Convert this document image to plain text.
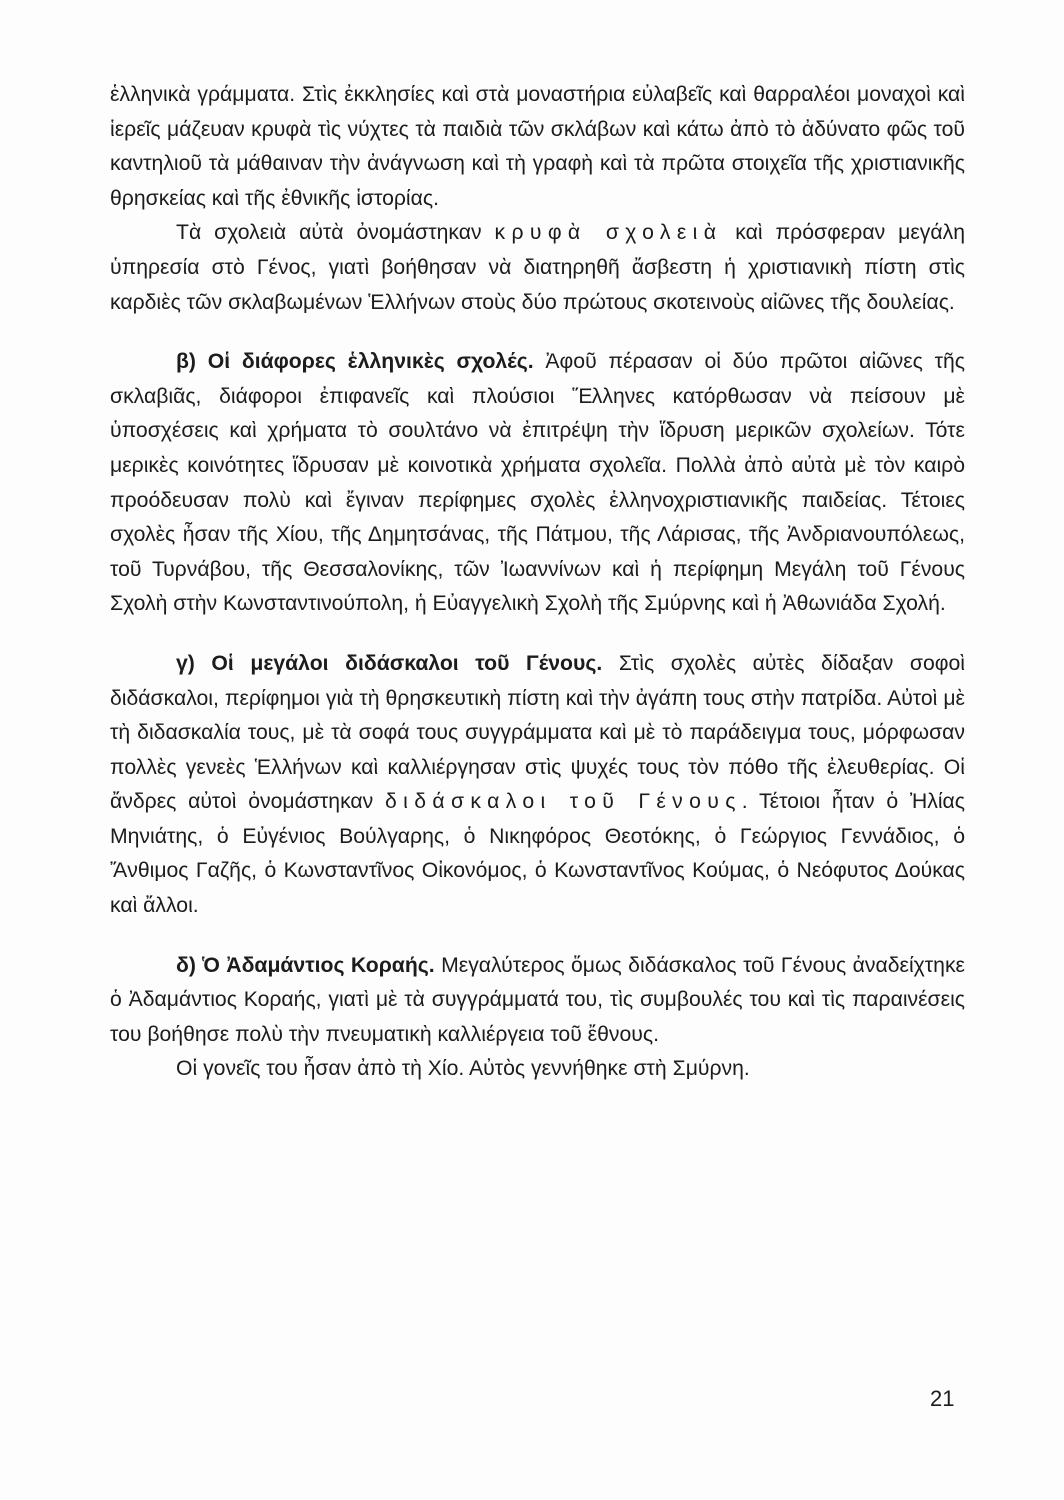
ἑλληνικὰ γράμματα. Στὶς ἐκκλησίες καὶ στὰ μοναστήρια εὐλαβεῖς καὶ θαρραλέοι μοναχοὶ καὶ ἱερεῖς μάζευαν κρυφὰ τὶς νύχτες τὰ παιδιὰ τῶν σκλάβων καὶ κάτω ἀπὸ τὸ ἀδύνατο φῶς τοῦ καντηλιοῦ τὰ μάθαιναν τὴν ἀνάγνωση καὶ τὴ γραφὴ καὶ τὰ πρῶτα στοιχεῖα τῆς χριστιανικῆς θρησκείας καὶ τῆς ἐθνικῆς ἱστορίας.

Τὰ σχολειὰ αὐτὰ ὀνομάστηκαν κρυφὰ σχολειὰ καὶ πρόσφεραν μεγάλη ὑπηρεσία στὸ Γένος, γιατὶ βοήθησαν νὰ διατηρηθῆ ἄσβεστη ἡ χριστιανικὴ πίστη στὶς καρδιὲς τῶν σκλαβωμένων Ἑλλήνων στοὺς δύο πρώτους σκοτεινοὺς αἰῶνες τῆς δουλείας.

β) Οἱ διάφορες ἑλληνικὲς σχολές. Ἀφοῦ πέρασαν οἱ δύο πρῶτοι αἰῶνες τῆς σκλαβιᾶς, διάφοροι ἐπιφανεῖς καὶ πλούσιοι Ἕλληνες κατόρθωσαν νὰ πείσουν μὲ ὑποσχέσεις καὶ χρήματα τὸ σουλτάνο νὰ ἐπιτρέψη τὴν ἵδρυση μερικῶν σχολείων. Τότε μερικὲς κοινότητες ἵδρυσαν μὲ κοινοτικὰ χρήματα σχολεῖα. Πολλὰ ἀπὸ αὐτὰ μὲ τὸν καιρὸ προόδευσαν πολὺ καὶ ἔγιναν περίφημες σχολὲς ἑλληνοχριστιανικῆς παιδείας. Τέτοιες σχολὲς ἦσαν τῆς Χίου, τῆς Δημητσάνας, τῆς Πάτμου, τῆς Λάρισας, τῆς Ἀνδριανουπόλεως, τοῦ Τυρνάβου, τῆς Θεσσαλονίκης, τῶν Ἰωαννίνων καὶ ἡ περίφημη Μεγάλη τοῦ Γένους Σχολὴ στὴν Κωνσταντινούπολη, ἡ Εὐαγγελικὴ Σχολὴ τῆς Σμύρνης καὶ ἡ Ἀθωνιάδα Σχολή.

γ) Οἱ μεγάλοι διδάσκαλοι τοῦ Γένους. Στὶς σχολὲς αὐτὲς δίδαξαν σοφοὶ διδάσκαλοι, περίφημοι γιὰ τὴ θρησκευτικὴ πίστη καὶ τὴν ἀγάπη τους στὴν πατρίδα. Αὐτοὶ μὲ τὴ διδασκαλία τους, μὲ τὰ σοφά τους συγγράμματα καὶ μὲ τὸ παράδειγμα τους, μόρφωσαν πολλὲς γενεὲς Ἑλλήνων καὶ καλλιέργησαν στὶς ψυχές τους τὸν πόθο τῆς ἐλευθερίας. Οἱ ἄνδρες αὐτοὶ ὀνομάστηκαν διδάσκαλοι τοῦ Γένους. Τέτοιοι ἦταν ὁ Ἠλίας Μηνιάτης, ὁ Εὐγένιος Βούλγαρης, ὁ Νικηφόρος Θεοτόκης, ὁ Γεώργιος Γεννάδιος, ὁ Ἄνθιμος Γαζῆς, ὁ Κωνσταντῖνος Οἰκονόμος, ὁ Κωνσταντῖνος Κούμας, ὁ Νεόφυτος Δούκας καὶ ἄλλοι.

δ) Ὁ Ἀδαμάντιος Κοραής. Μεγαλύτερος ὅμως διδάσκαλος τοῦ Γένους ἀναδείχτηκε ὁ Ἀδαμάντιος Κοραής, γιατὶ μὲ τὰ συγγράμματά του, τὶς συμβουλές του καὶ τὶς παραινέσεις του βοήθησε πολὺ τὴν πνευματικὴ καλλιέργεια τοῦ ἔθνους.

Οἱ γονεῖς του ἦσαν ἀπὸ τὴ Χίο. Αὐτὸς γεννήθηκε στὴ Σμύρνη.

21
